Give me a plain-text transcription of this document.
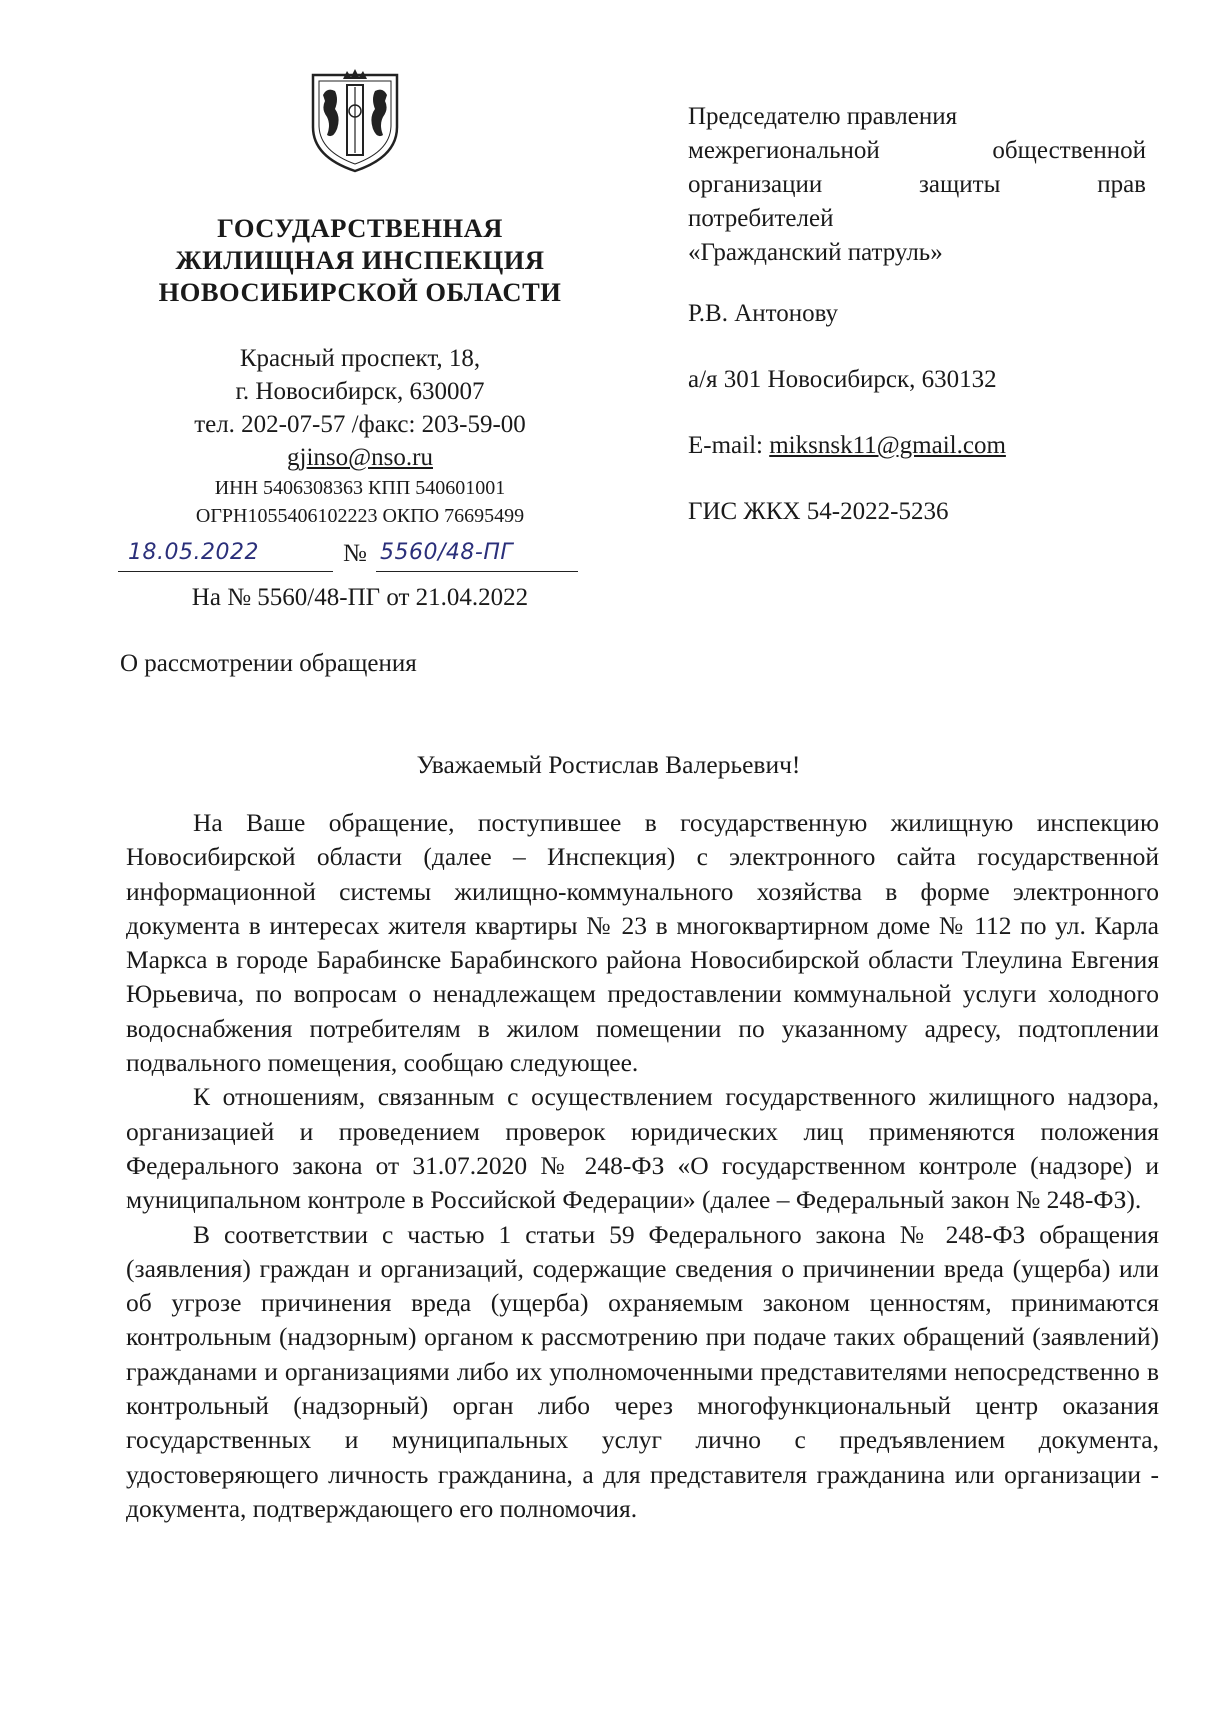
ГОСУДАРСТВЕННАЯ
ЖИЛИЩНАЯ ИНСПЕКЦИЯ
НОВОСИБИРСКОЙ ОБЛАСТИ
Красный проспект, 18,
г. Новосибирск, 630007
тел. 202-07-57 /факс: 203-59-00
gjinso@nso.ru
ИНН 5406308363 КПП 540601001
ОГРН1055406102223 ОКПО 76695499
18.05.2022	№ 5560/48-ПГ
На № 5560/48-ПГ от 21.04.2022
О рассмотрении обращения
Председателю правления
межрегиональной общественной
организации защиты прав
потребителей
«Гражданский патруль»
Р.В. Антонову
а/я 301 Новосибирск, 630132
E-mail: miksnsk11@gmail.com
ГИС ЖКХ 54-2022-5236
Уважаемый Ростислав Валерьевич!

На Ваше обращение, поступившее в государственную жилищную инспекцию Новосибирской области (далее – Инспекция) с электронного сайта государственной информационной системы жилищно-коммунального хозяйства в форме электронного документа в интересах жителя квартиры № 23 в многоквартирном доме № 112 по ул. Карла Маркса в городе Барабинске Барабинского района Новосибирской области Тлеулина Евгения Юрьевича, по вопросам о ненадлежащем предоставлении коммунальной услуги холодного водоснабжения потребителям в жилом помещении по указанному адресу, подтоплении подвального помещения, сообщаю следующее.

К отношениям, связанным с осуществлением государственного жилищного надзора, организацией и проведением проверок юридических лиц применяются положения Федерального закона от 31.07.2020 № 248-ФЗ «О государственном контроле (надзоре) и муниципальном контроле в Российской Федерации» (далее – Федеральный закон № 248-ФЗ).

В соответствии с частью 1 статьи 59 Федерального закона № 248-ФЗ обращения (заявления) граждан и организаций, содержащие сведения о причинении вреда (ущерба) или об угрозе причинения вреда (ущерба) охраняемым законом ценностям, принимаются контрольным (надзорным) органом к рассмотрению при подаче таких обращений (заявлений) гражданами и организациями либо их уполномоченными представителями непосредственно в контрольный (надзорный) орган либо через многофункциональный центр оказания государственных и муниципальных услуг лично с предъявлением документа, удостоверяющего личность гражданина, а для представителя гражданина или организации - документа, подтверждающего его полномочия.
